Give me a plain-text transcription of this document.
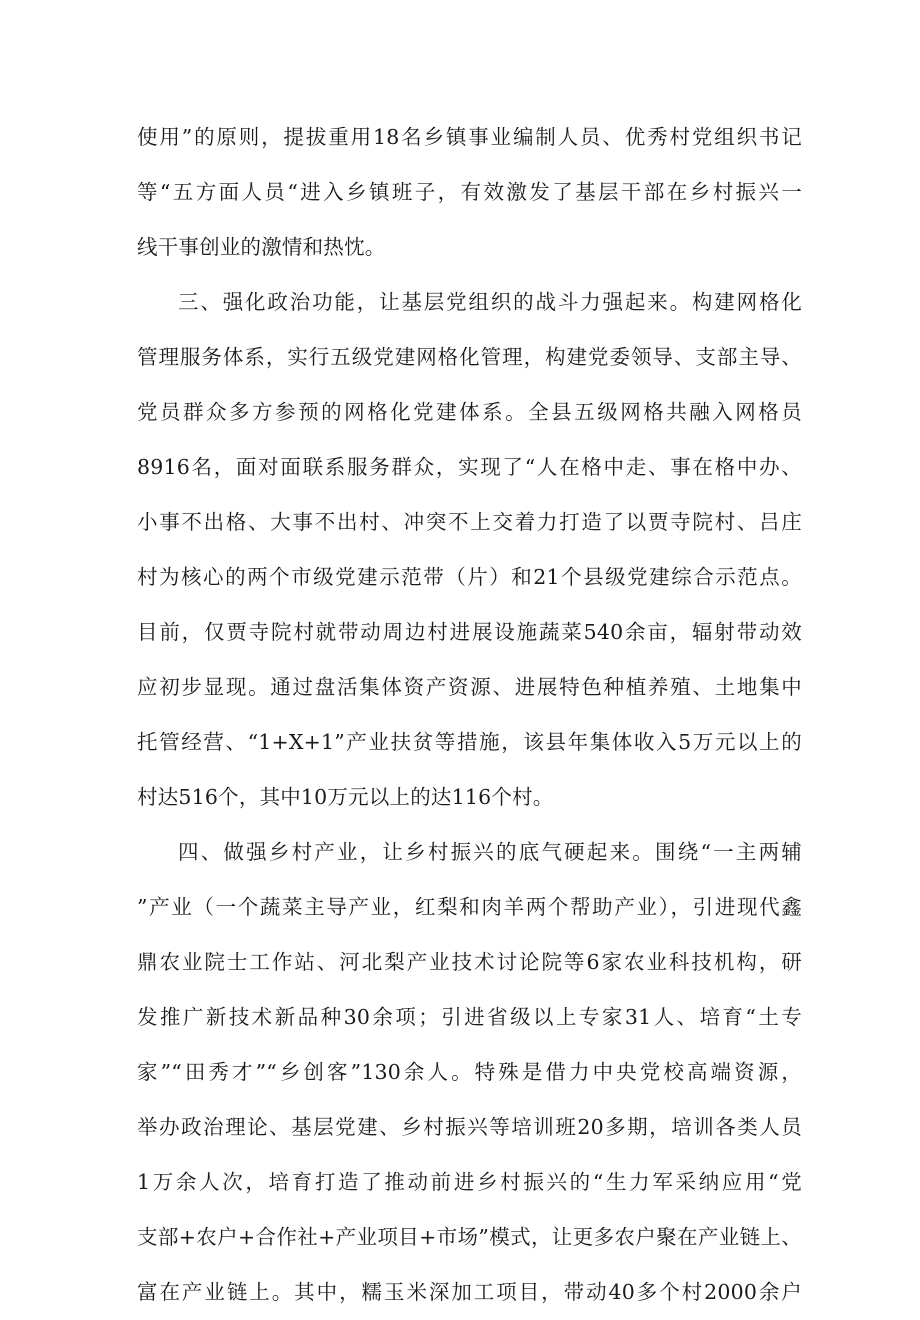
使用”的原则，提拔重用18名乡镇事业编制人员、优秀村党组织书记
等“五方面人员“进入乡镇班子，有效激发了基层干部在乡村振兴一
线干事创业的激情和热忱。
三、强化政治功能，让基层党组织的战斗力强起来。构建网格化
管理服务体系，实行五级党建网格化管理，构建党委领导、支部主导、
党员群众多方参预的网格化党建体系。全县五级网格共融入网格员
8916名，面对面联系服务群众，实现了“人在格中走、事在格中办、
小事不出格、大事不出村、冲突不上交着力打造了以贾寺院村、吕庄
村为核心的两个市级党建示范带（片）和21个县级党建综合示范点。
目前，仅贾寺院村就带动周边村进展设施蔬菜540余亩，辐射带动效
应初步显现。通过盘活集体资产资源、进展特色种植养殖、土地集中
托管经营、“1+X+1”产业扶贫等措施，该县年集体收入5万元以上的
村达516个，其中10万元以上的达116个村。
四、做强乡村产业，让乡村振兴的底气硬起来。围绕“一主两辅
”产业（一个蔬菜主导产业，红梨和肉羊两个帮助产业），引进现代鑫
鼎农业院士工作站、河北梨产业技术讨论院等6家农业科技机构，研
发推广新技术新品种30余项；引进省级以上专家31人、培育“土专
家”“田秀才”“乡创客”130余人。特殊是借力中央党校高端资源，
举办政治理论、基层党建、乡村振兴等培训班20多期，培训各类人员
1万余人次，培育打造了推动前进乡村振兴的“生力军采纳应用“党
支部+农户+合作社+产业项目+市场”模式，让更多农户聚在产业链上、
富在产业链上。其中，糯玉米深加工项目，带动40多个村2000余户
